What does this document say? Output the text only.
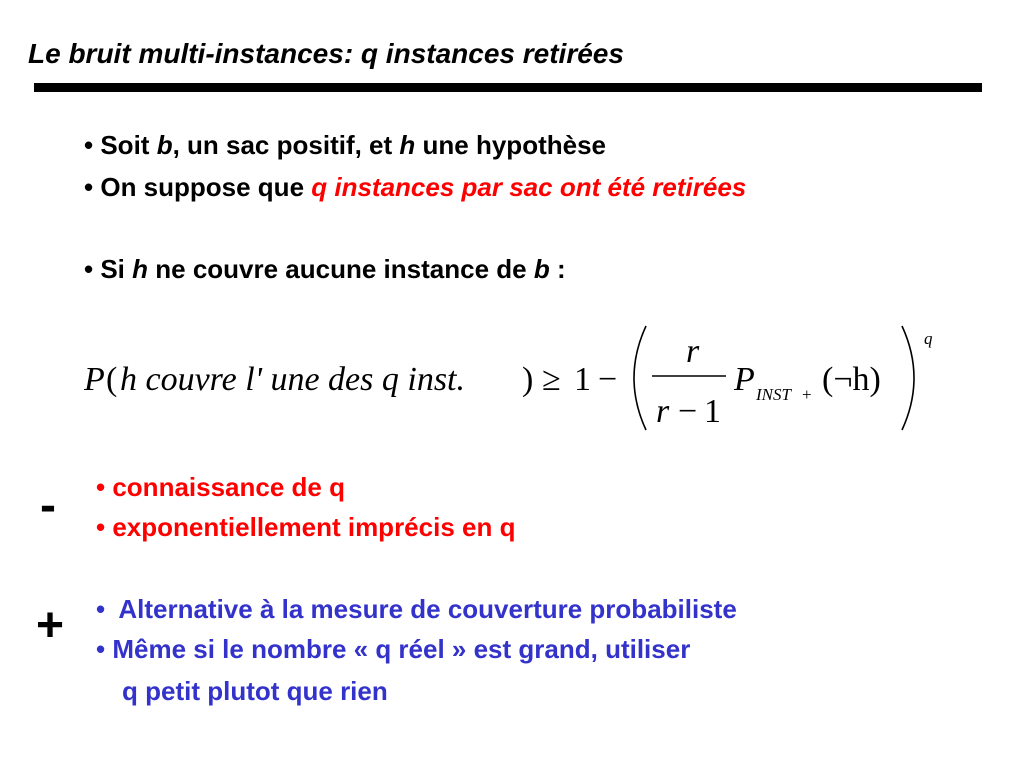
Le bruit multi-instances: q instances retirées
• Soit b, un sac positif, et h une hypothèse
• On suppose que q instances par sac ont été retirées
• Si h ne couvre aucune instance de b :
P ( h couvre l' une des q inst. ) ≥ 1 −
r
r − 1
P INST + (¬h)
q
- • connaissance de q
• exponentiellement imprécis en q
+ • Alternative à la mesure de couverture probabiliste
• Même si le nombre « q réel » est grand, utiliser
q petit plutot que rien
